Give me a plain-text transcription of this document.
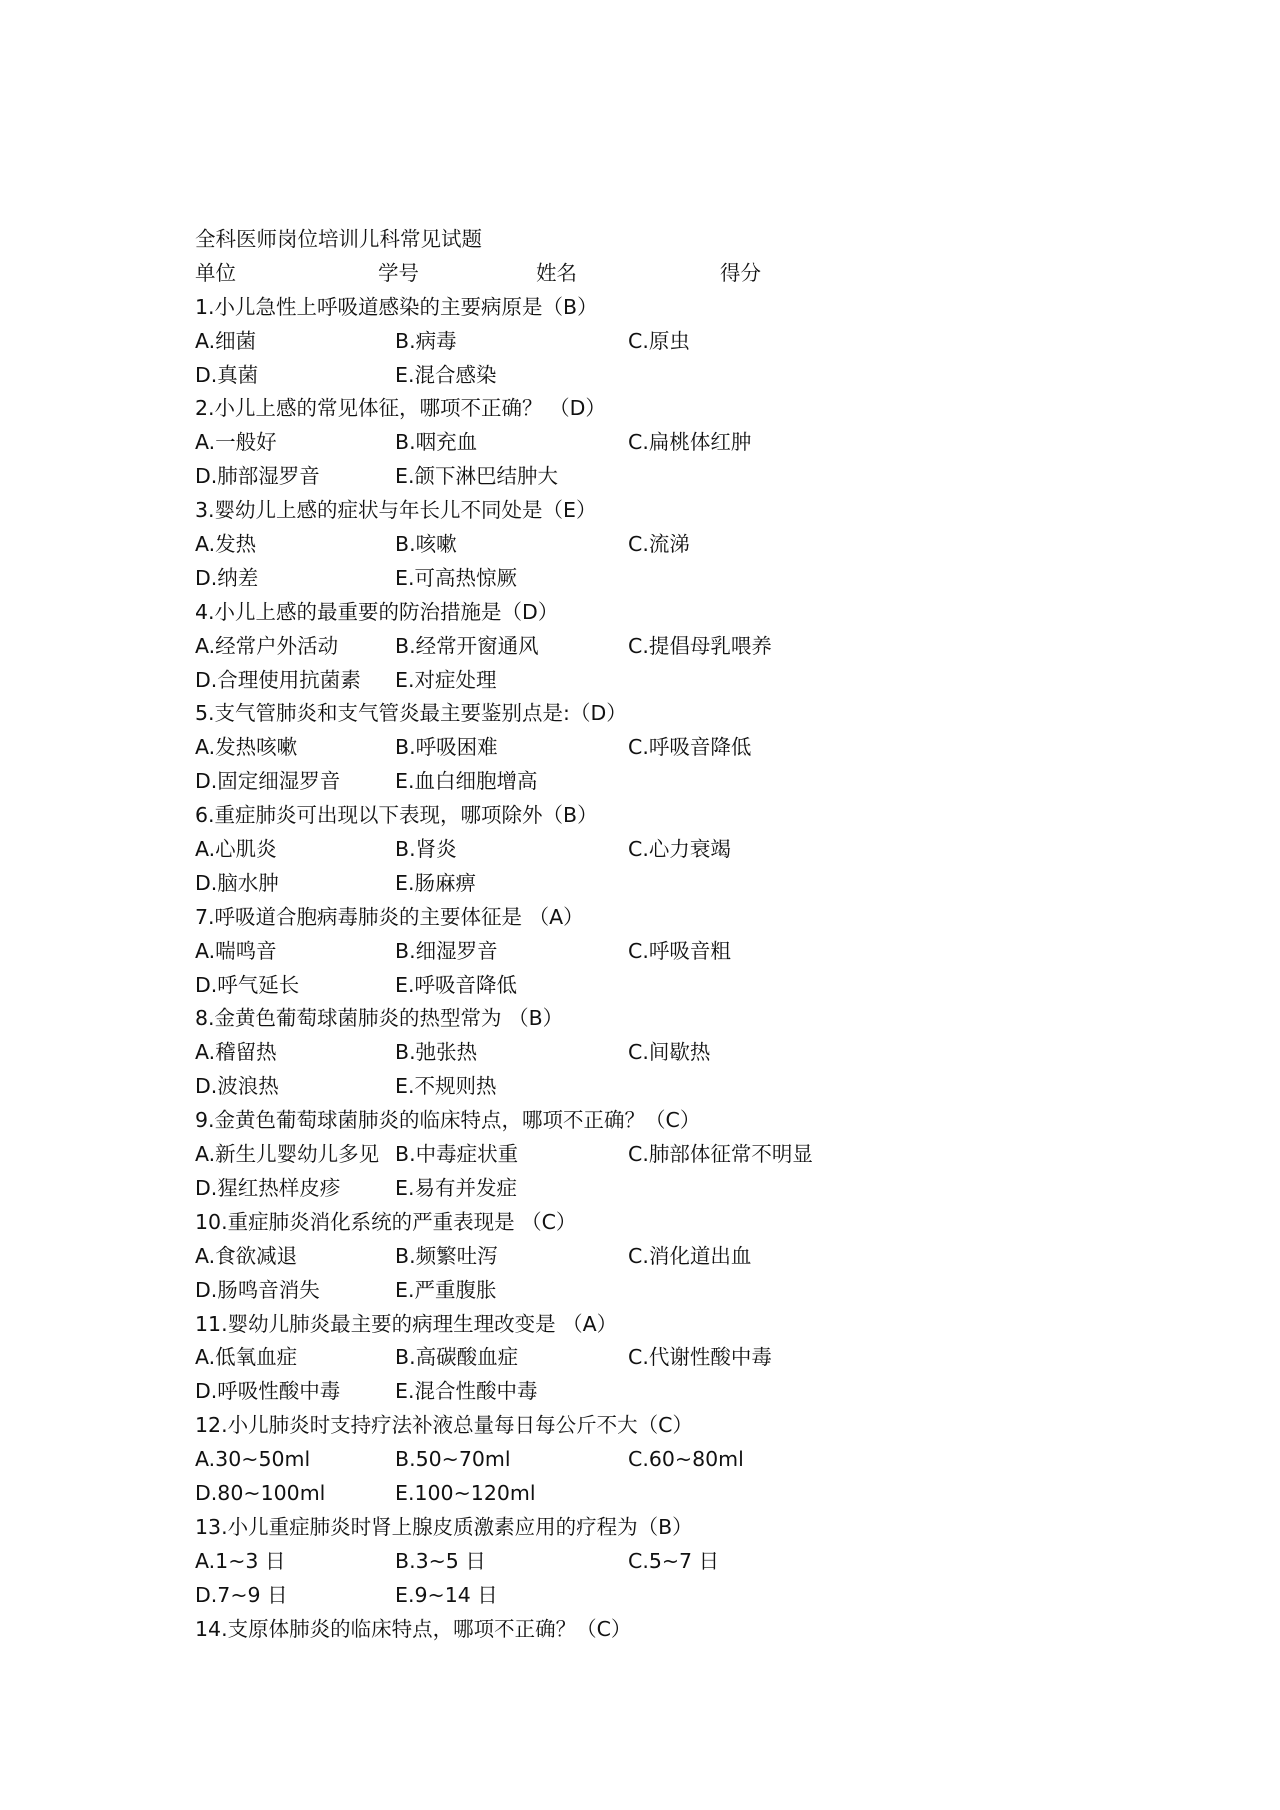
全科医师岗位培训儿科常见试题
单位	学号	姓名	得分
1.小儿急性上呼吸道感染的主要病原是（B）
A.细菌	B.病毒	C.原虫
D.真菌	E.混合感染
2.小儿上感的常见体征，哪项不正确？ （D）
A.一般好	B.咽充血	C.扁桃体红肿
D.肺部湿罗音	E.颌下淋巴结肿大
3.婴幼儿上感的症状与年长儿不同处是（E）
A.发热	B.咳嗽	C.流涕
D.纳差	E.可高热惊厥
4.小儿上感的最重要的防治措施是（D）
A.经常户外活动	B.经常开窗通风	C.提倡母乳喂养
D.合理使用抗菌素 E.对症处理
5.支气管肺炎和支气管炎最主要鉴别点是:（D）
A.发热咳嗽	B.呼吸困难	C.呼吸音降低
D.固定细湿罗音	E.血白细胞增高
6.重症肺炎可出现以下表现，哪项除外（B）
A.心肌炎	B.肾炎	C.心力衰竭
D.脑水肿	E.肠麻痹
7.呼吸道合胞病毒肺炎的主要体征是 （A）
A.喘鸣音	B.细湿罗音	C.呼吸音粗
D.呼气延长	E.呼吸音降低
8.金黄色葡萄球菌肺炎的热型常为 （B）
A.稽留热	B.弛张热	C.间歇热
D.波浪热	E.不规则热
9.金黄色葡萄球菌肺炎的临床特点，哪项不正确？（C）
A.新生儿婴幼儿多见 B.中毒症状重	C.肺部体征常不明显
D.猩红热样皮疹	E.易有并发症
10.重症肺炎消化系统的严重表现是 （C）
A.食欲减退	B.频繁吐泻	C.消化道出血
D.肠鸣音消失	E.严重腹胀
11.婴幼儿肺炎最主要的病理生理改变是 （A）
A.低氧血症	B.高碳酸血症	C.代谢性酸中毒
D.呼吸性酸中毒	E.混合性酸中毒
12.小儿肺炎时支持疗法补液总量每日每公斤不大（C）
A.30~50ml	B.50~70ml	C.60~80ml
D.80~100ml	E.100~120ml
13.小儿重症肺炎时肾上腺皮质激素应用的疗程为（B）
A.1~3 日	B.3~5 日	C.5~7 日
D.7~9 日	E.9~14 日
14.支原体肺炎的临床特点，哪项不正确？（C）
